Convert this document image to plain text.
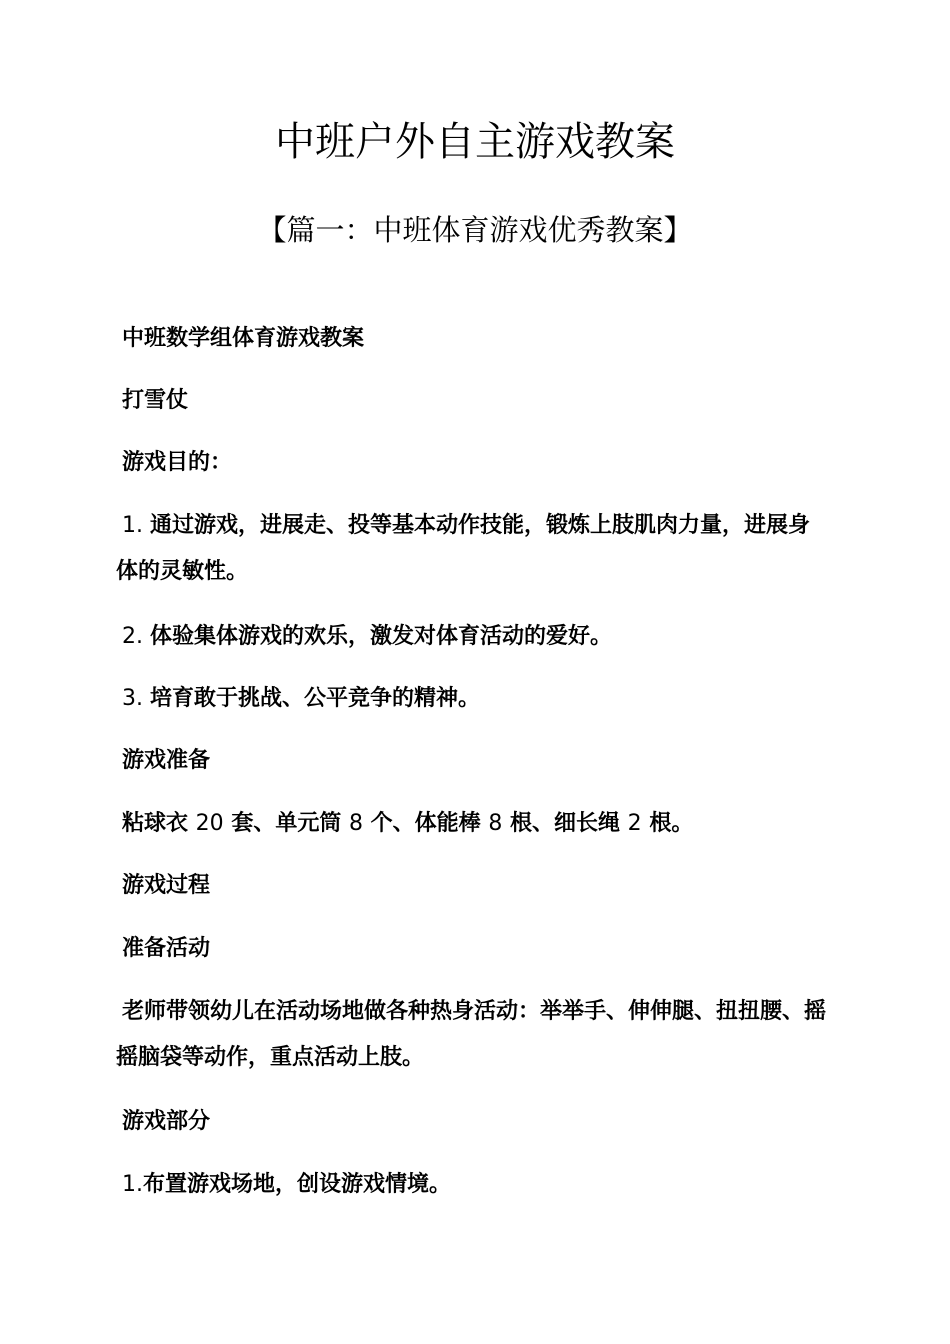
中班户外自主游戏教案
【篇一：中班体育游戏优秀教案】
中班数学组体育游戏教案
打雪仗
游戏目的：
1. 通过游戏，进展走、投等基本动作技能，锻炼上肢肌肉力量，进展身体的灵敏性。
2. 体验集体游戏的欢乐，激发对体育活动的爱好。
3. 培育敢于挑战、公平竞争的精神。
游戏准备
粘球衣 20 套、单元筒 8 个、体能棒 8 根、细长绳 2 根。
游戏过程
准备活动
老师带领幼儿在活动场地做各种热身活动：举举手、伸伸腿、扭扭腰、摇摇脑袋等动作，重点活动上肢。
游戏部分
1.布置游戏场地，创设游戏情境。
